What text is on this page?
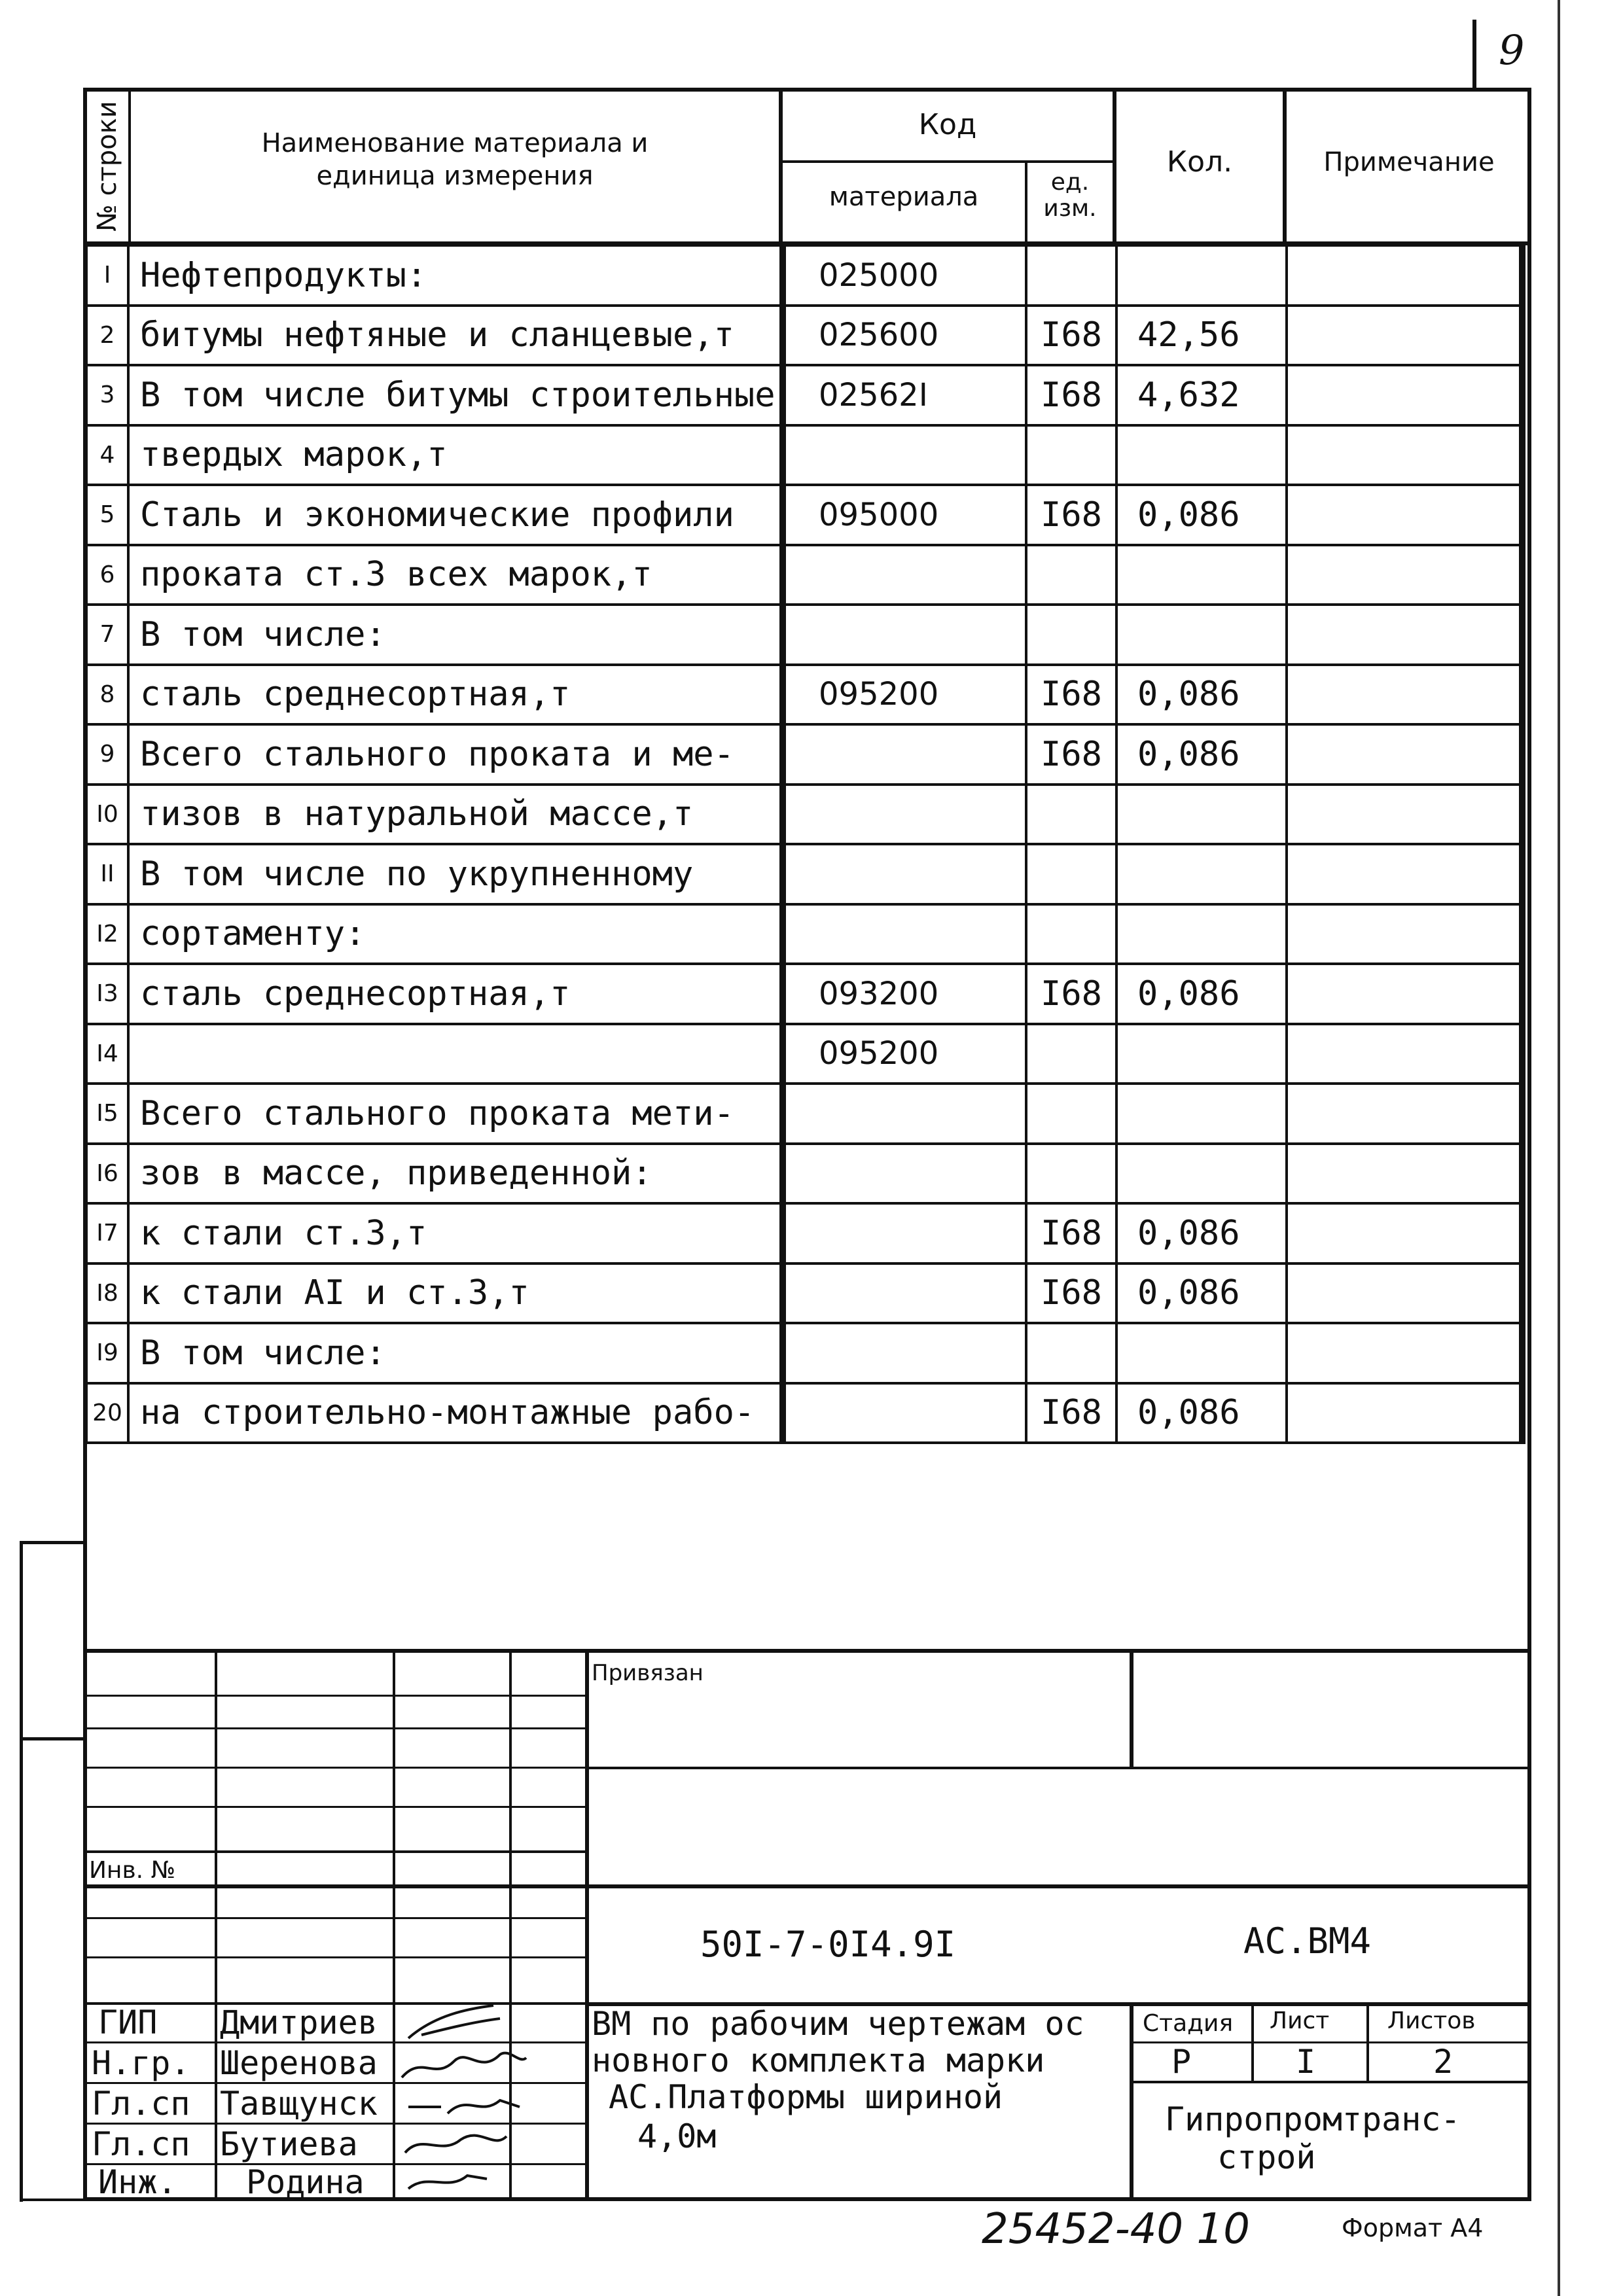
9
№ строки	Наименование материала и
единица измерения
Код
материала	ед.
изм.
Кол.	Примечание
I	Нефтепродукты:	025000			
2	битумы нефтяные и сланцевые,т	025600	I68	42,56	
3	В том числе битумы строительные	02562I	I68	4,632	
4	твердых марок,т				
5	Сталь и экономические профили	095000	I68	0,086	
6	проката ст.3 всех марок,т				
7	В том числе:				
8	сталь среднесортная,т	095200	I68	0,086	
9	Всего стального проката и ме-		I68	0,086	
I0	тизов в натуральной массе,т				
II	В том числе по укрупненному				
I2	сортаменту:				
I3	сталь среднесортная,т	093200	I68	0,086	
I4		095200			
I5	Всего стального проката мети-				
I6	зов в массе, приведенной:				
I7	к стали ст.3,т		I68	0,086	
I8	к стали АI и ст.3,т		I68	0,086	
I9	В том числе:				
20	на строительно-монтажные рабо-		I68	0,086	
Привязан
Инв. №
50I-7-0I4.9I	АС.ВМ4
ГИП Дмитриев
Н.гр. Шеренова
Гл.сп Тавщунск
Гл.сп Бутиева
Инж. Родина
ВМ по рабочим чертежам ос
новного комплекта марки
АС.Платформы шириной
4,0м
Стадия Лист Листов
Р	I	2
Гипропромтранс-
строй
25452-40 10	Формат А4
